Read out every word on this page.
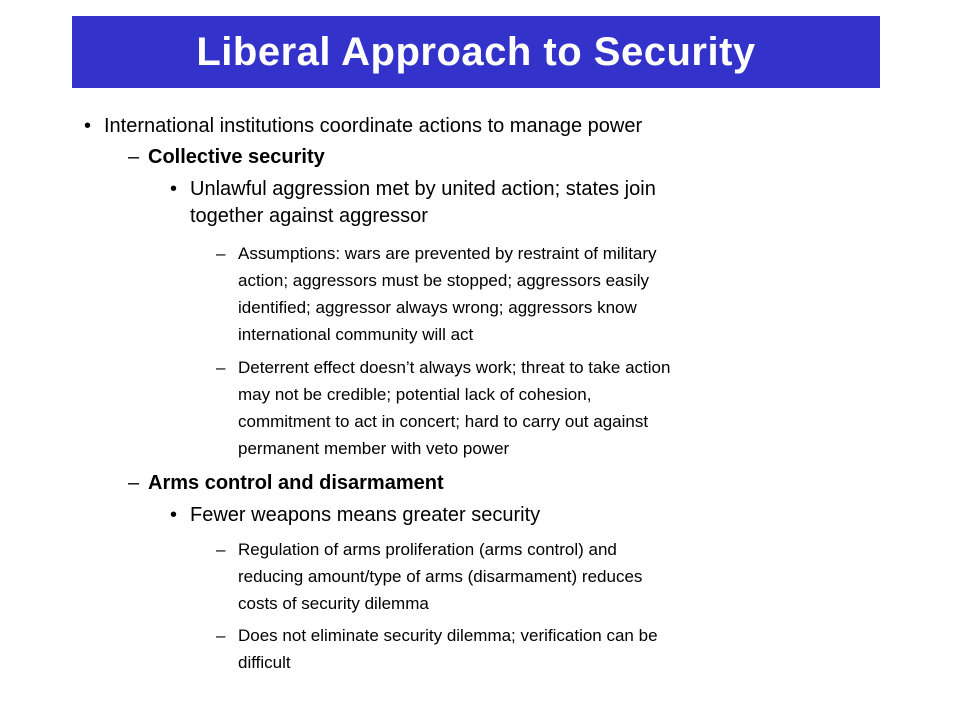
Liberal Approach to Security
• International institutions coordinate actions to manage power
– Collective security
• Unlawful aggression met by united action; states join
together against aggressor
– Assumptions: wars are prevented by restraint of military
action; aggressors must be stopped; aggressors easily
identified; aggressor always wrong; aggressors know
international community will act
– Deterrent effect doesn’t always work; threat to take action
may not be credible; potential lack of cohesion,
commitment to act in concert; hard to carry out against
permanent member with veto power
– Arms control and disarmament
• Fewer weapons means greater security
– Regulation of arms proliferation (arms control) and
reducing amount/type of arms (disarmament) reduces
costs of security dilemma
– Does not eliminate security dilemma; verification can be
difficult
